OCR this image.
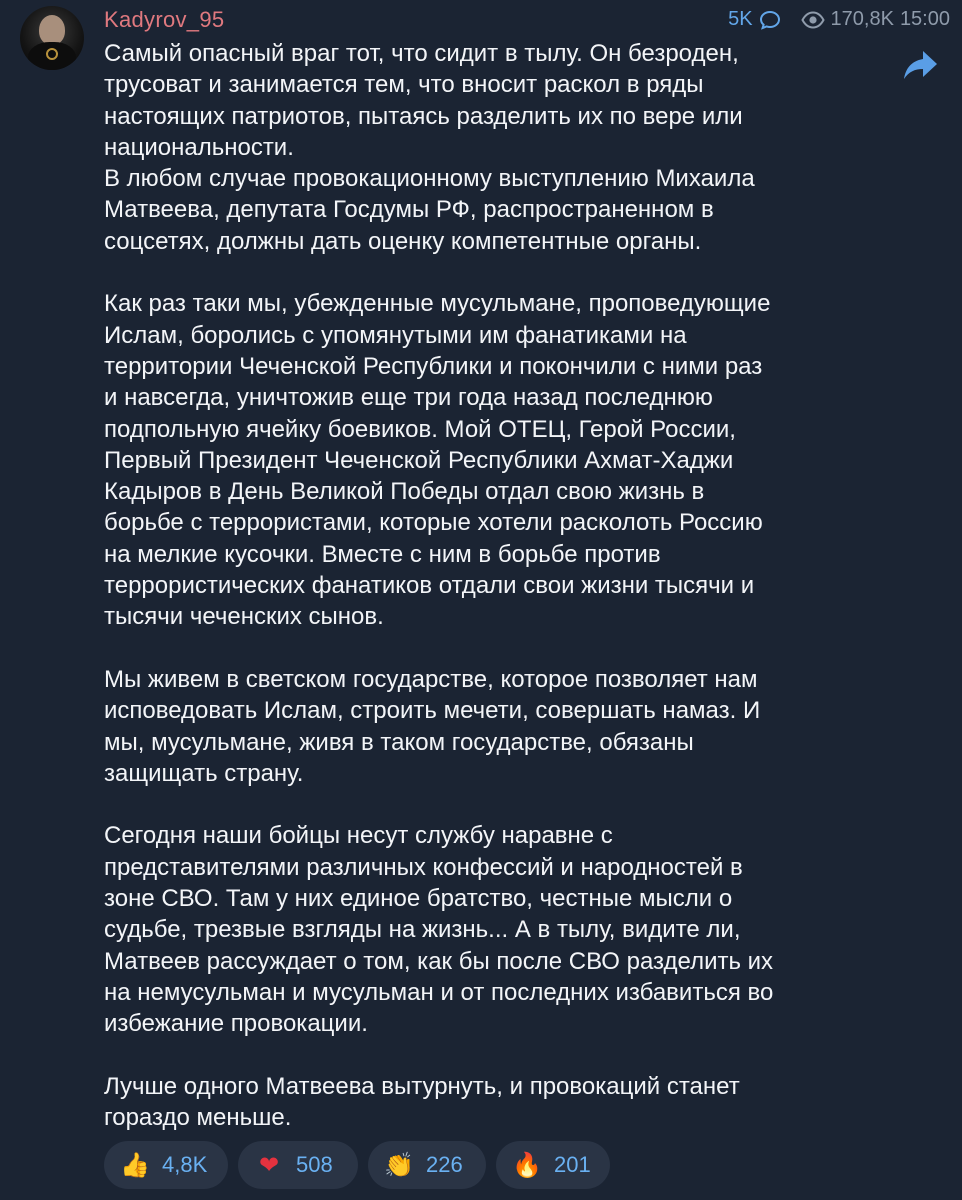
Kadyrov_95	5K	170,8K 15:00

Самый опасный враг тот, что сидит в тылу. Он безроден,
трусоват и занимается тем, что вносит раскол в ряды
настоящих патриотов, пытаясь разделить их по вере или
национальности.
В любом случае провокационному выступлению Михаила
Матвеева, депутата Госдумы РФ, распространенном в
соцсетях, должны дать оценку компетентные органы.

Как раз таки мы, убежденные мусульмане, проповедующие
Ислам, боролись с упомянутыми им фанатиками на
территории Чеченской Республики и покончили с ними раз
и навсегда, уничтожив еще три года назад последнюю
подпольную ячейку боевиков. Мой ОТЕЦ, Герой России,
Первый Президент Чеченской Республики Ахмат-Хаджи
Кадыров в День Великой Победы отдал свою жизнь в
борьбе с террористами, которые хотели расколоть Россию
на мелкие кусочки. Вместе с ним в борьбе против
террористических фанатиков отдали свои жизни тысячи и
тысячи чеченских сынов.

Мы живем в светском государстве, которое позволяет нам
исповедовать Ислам, строить мечети, совершать намаз. И
мы, мусульмане, живя в таком государстве, обязаны
защищать страну.

Сегодня наши бойцы несут службу наравне с
представителями различных конфессий и народностей в
зоне СВО. Там у них единое братство, честные мысли о
судьбе, трезвые взгляды на жизнь... А в тылу, видите ли,
Матвеев рассуждает о том, как бы после СВО разделить их
на немусульман и мусульман и от последних избавиться во
избежание провокации.

Лучше одного Матвеева вытурнуть, и провокаций станет
гораздо меньше.

👍 4,8K ❤ 508 👏 226 🔥 201
